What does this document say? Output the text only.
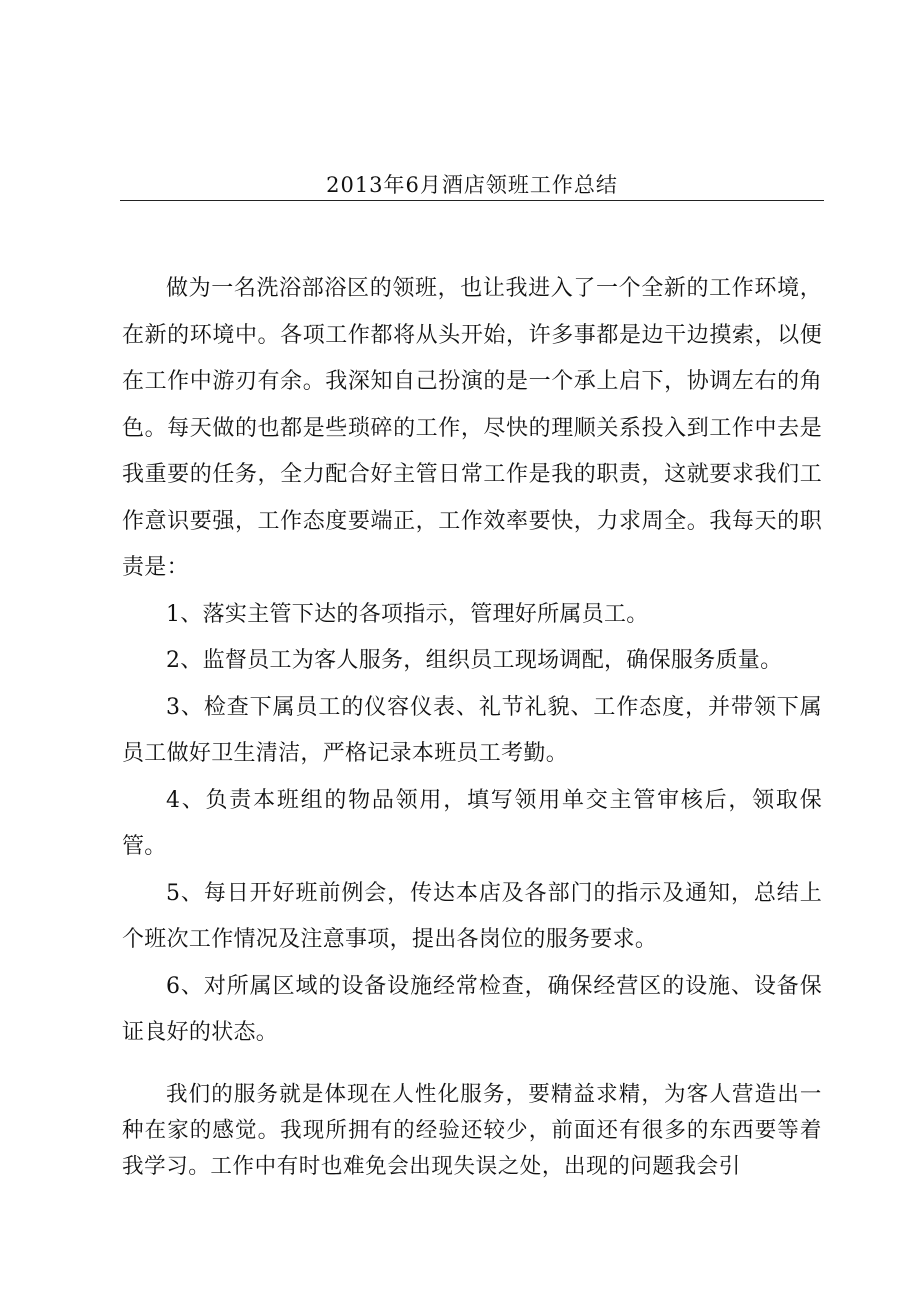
2013年6月酒店领班工作总结

做为一名洗浴部浴区的领班，也让我进入了一个全新的工作环境，在新的环境中。各项工作都将从头开始，许多事都是边干边摸索，以便在工作中游刃有余。我深知自己扮演的是一个承上启下，协调左右的角色。每天做的也都是些琐碎的工作，尽快的理顺关系投入到工作中去是我重要的任务，全力配合好主管日常工作是我的职责，这就要求我们工作意识要强，工作态度要端正，工作效率要快，力求周全。我每天的职责是：

1、落实主管下达的各项指示，管理好所属员工。

2、监督员工为客人服务，组织员工现场调配，确保服务质量。

3、检查下属员工的仪容仪表、礼节礼貌、工作态度，并带领下属员工做好卫生清洁，严格记录本班员工考勤。

4、负责本班组的物品领用，填写领用单交主管审核后，领取保管。

5、每日开好班前例会，传达本店及各部门的指示及通知，总结上个班次工作情况及注意事项，提出各岗位的服务要求。

6、对所属区域的设备设施经常检查，确保经营区的设施、设备保证良好的状态。

我们的服务就是体现在人性化服务，要精益求精，为客人营造出一种在家的感觉。我现所拥有的经验还较少，前面还有很多的东西要等着我学习。工作中有时也难免会出现失误之处，出现的问题我会引
